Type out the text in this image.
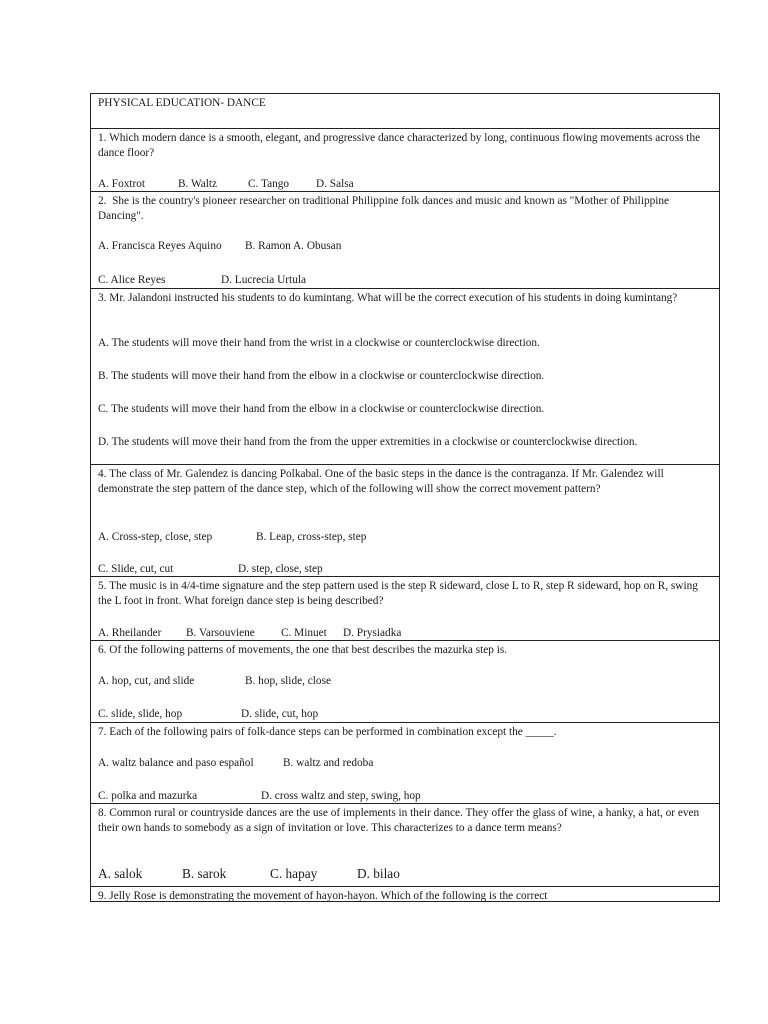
PHYSICAL EDUCATION- DANCE

1. Which modern dance is a smooth, elegant, and progressive dance characterized by long, continuous flowing movements across the dance floor?

A. Foxtrot	B. Waltz	C. Tango D. Salsa

2.  She is the country's pioneer researcher on traditional Philippine folk dances and music and known as "Mother of Philippine Dancing".

A. Francisca Reyes Aquino B. Ramon A. Obusan

C. Alice Reyes	D. Lucrecia Urtula

3. Mr. Jalandoni instructed his students to do kumintang. What will be the correct execution of his students in doing kumintang?

A. The students will move their hand from the wrist in a clockwise or counterclockwise direction.

B. The students will move their hand from the elbow in a clockwise or counterclockwise direction.

C. The students will move their hand from the elbow in a clockwise or counterclockwise direction.

D. The students will move their hand from the from the upper extremities in a clockwise or counterclockwise direction.

4. The class of Mr. Galendez is dancing Polkabal. One of the basic steps in the dance is the contraganza. If Mr. Galendez will demonstrate the step pattern of the dance step, which of the following will show the correct movement pattern?

A. Cross-step, close, step	B. Leap, cross-step, step

C. Slide, cut, cut	D. step, close, step

5. The music is in 4/4-time signature and the step pattern used is the step R sideward, close L to R, step R sideward, hop on R, swing the L foot in front. What foreign dance step is being described?

A. Rheilander B. Varsouviene C. Minuet D. Prysiadka

6. Of the following patterns of movements, the one that best describes the mazurka step is.

A. hop, cut, and slide	B. hop, slide, close

C. slide, slide, hop	D. slide, cut, hop

7. Each of the following pairs of folk-dance steps can be performed in combination except the _____.

A. waltz balance and paso español	B. waltz and redoba

C. polka and mazurka	D. cross waltz and step, swing, hop

8. Common rural or countryside dances are the use of implements in their dance. They offer the glass of wine, a hanky, a hat, or even their own hands to somebody as a sign of invitation or love. This characterizes to a dance term means?

A. salok	B. sarok	C. hapay	D. bilao

9. Jelly Rose is demonstrating the movement of hayon-hayon. Which of the following is the correct
